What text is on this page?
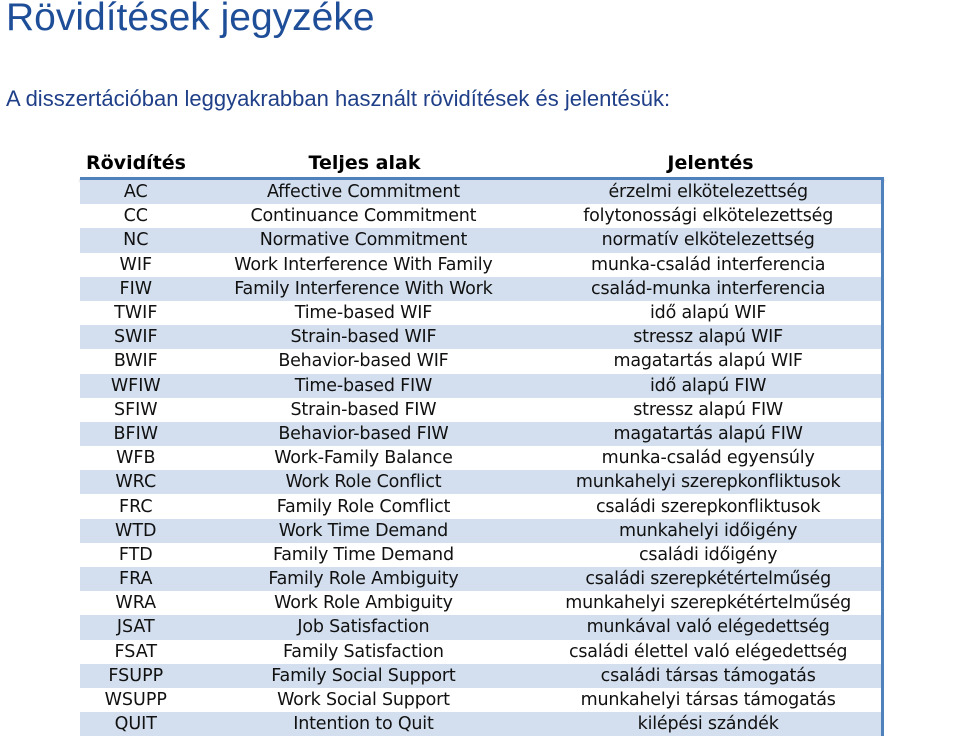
Rövidítések jegyzéke
A disszertációban leggyakrabban használt rövidítések és jelentésük:
Rövidítés	Teljes alak	Jelentés
AC	Affective Commitment	érzelmi elkötelezettség
CC	Continuance Commitment	folytonossági elkötelezettség
NC	Normative Commitment	normatív elkötelezettség
WIF	Work Interference With Family	munka-család interferencia
FIW	Family Interference With Work	család-munka interferencia
TWIF	Time-based WIF	idő alapú WIF
SWIF	Strain-based WIF	stressz alapú WIF
BWIF	Behavior-based WIF	magatartás alapú WIF
WFIW	Time-based FIW	idő alapú FIW
SFIW	Strain-based FIW	stressz alapú FIW
BFIW	Behavior-based FIW	magatartás alapú FIW
WFB	Work-Family Balance	munka-család egyensúly
WRC	Work Role Conflict	munkahelyi szerepkonfliktusok
FRC	Family Role Comflict	családi szerepkonfliktusok
WTD	Work Time Demand	munkahelyi időigény
FTD	Family Time Demand	családi időigény
FRA	Family Role Ambiguity	családi szerepkétértelműség
WRA	Work Role Ambiguity	munkahelyi szerepkétértelműség
JSAT	Job Satisfaction	munkával való elégedettség
FSAT	Family Satisfaction	családi élettel való elégedettség
FSUPP	Family Social Support	családi társas támogatás
WSUPP	Work Social Support	munkahelyi társas támogatás
QUIT	Intention to Quit	kilépési szándék
